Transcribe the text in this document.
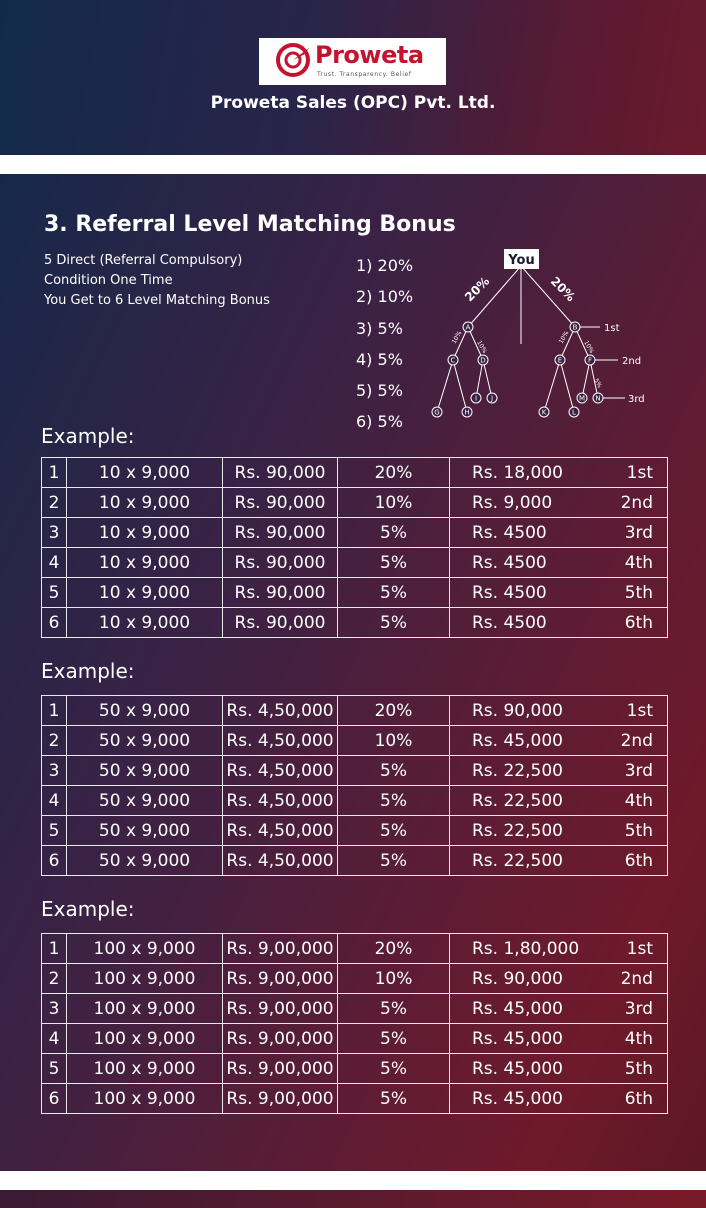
Proweta
Trust. Transparency. Belief
Proweta Sales (OPC) Pvt. Ltd.
3. Referral Level Matching Bonus
5 Direct (Referral Compulsory)
Condition One Time
You Get to 6 Level Matching Bonus
1) 20%
2) 10%
3) 5%
4) 5%
5) 5%
6) 5%
You
20%	20%
10%
10%
10%
10%
5%
A	B
C	D	E	F
G	H
I J
K	L
M N
1st
2nd
3rd
Example:
1	10 x 9,000	Rs. 90,000	20%	Rs. 18,000 1st

2	10 x 9,000	Rs. 90,000	10%	Rs. 9,000 2nd

3	10 x 9,000	Rs. 90,000	5%	Rs. 4500 3rd

4	10 x 9,000	Rs. 90,000	5%	Rs. 4500 4th

5	10 x 9,000	Rs. 90,000	5%	Rs. 4500 5th

6	10 x 9,000	Rs. 90,000	5%	Rs. 4500 6th
Example:
1	50 x 9,000	Rs. 4,50,000	20%	Rs. 90,000 1st

2	50 x 9,000	Rs. 4,50,000	10%	Rs. 45,000 2nd

3	50 x 9,000	Rs. 4,50,000	5%	Rs. 22,500 3rd

4	50 x 9,000	Rs. 4,50,000	5%	Rs. 22,500 4th

5	50 x 9,000	Rs. 4,50,000	5%	Rs. 22,500 5th

6	50 x 9,000	Rs. 4,50,000	5%	Rs. 22,500 6th
Example:
1	100 x 9,000	Rs. 9,00,000	20%	Rs. 1,80,000 1st

2	100 x 9,000	Rs. 9,00,000	10%	Rs. 90,000 2nd

3	100 x 9,000	Rs. 9,00,000	5%	Rs. 45,000 3rd

4	100 x 9,000	Rs. 9,00,000	5%	Rs. 45,000 4th

5	100 x 9,000	Rs. 9,00,000	5%	Rs. 45,000 5th

6	100 x 9,000	Rs. 9,00,000	5%	Rs. 45,000 6th
